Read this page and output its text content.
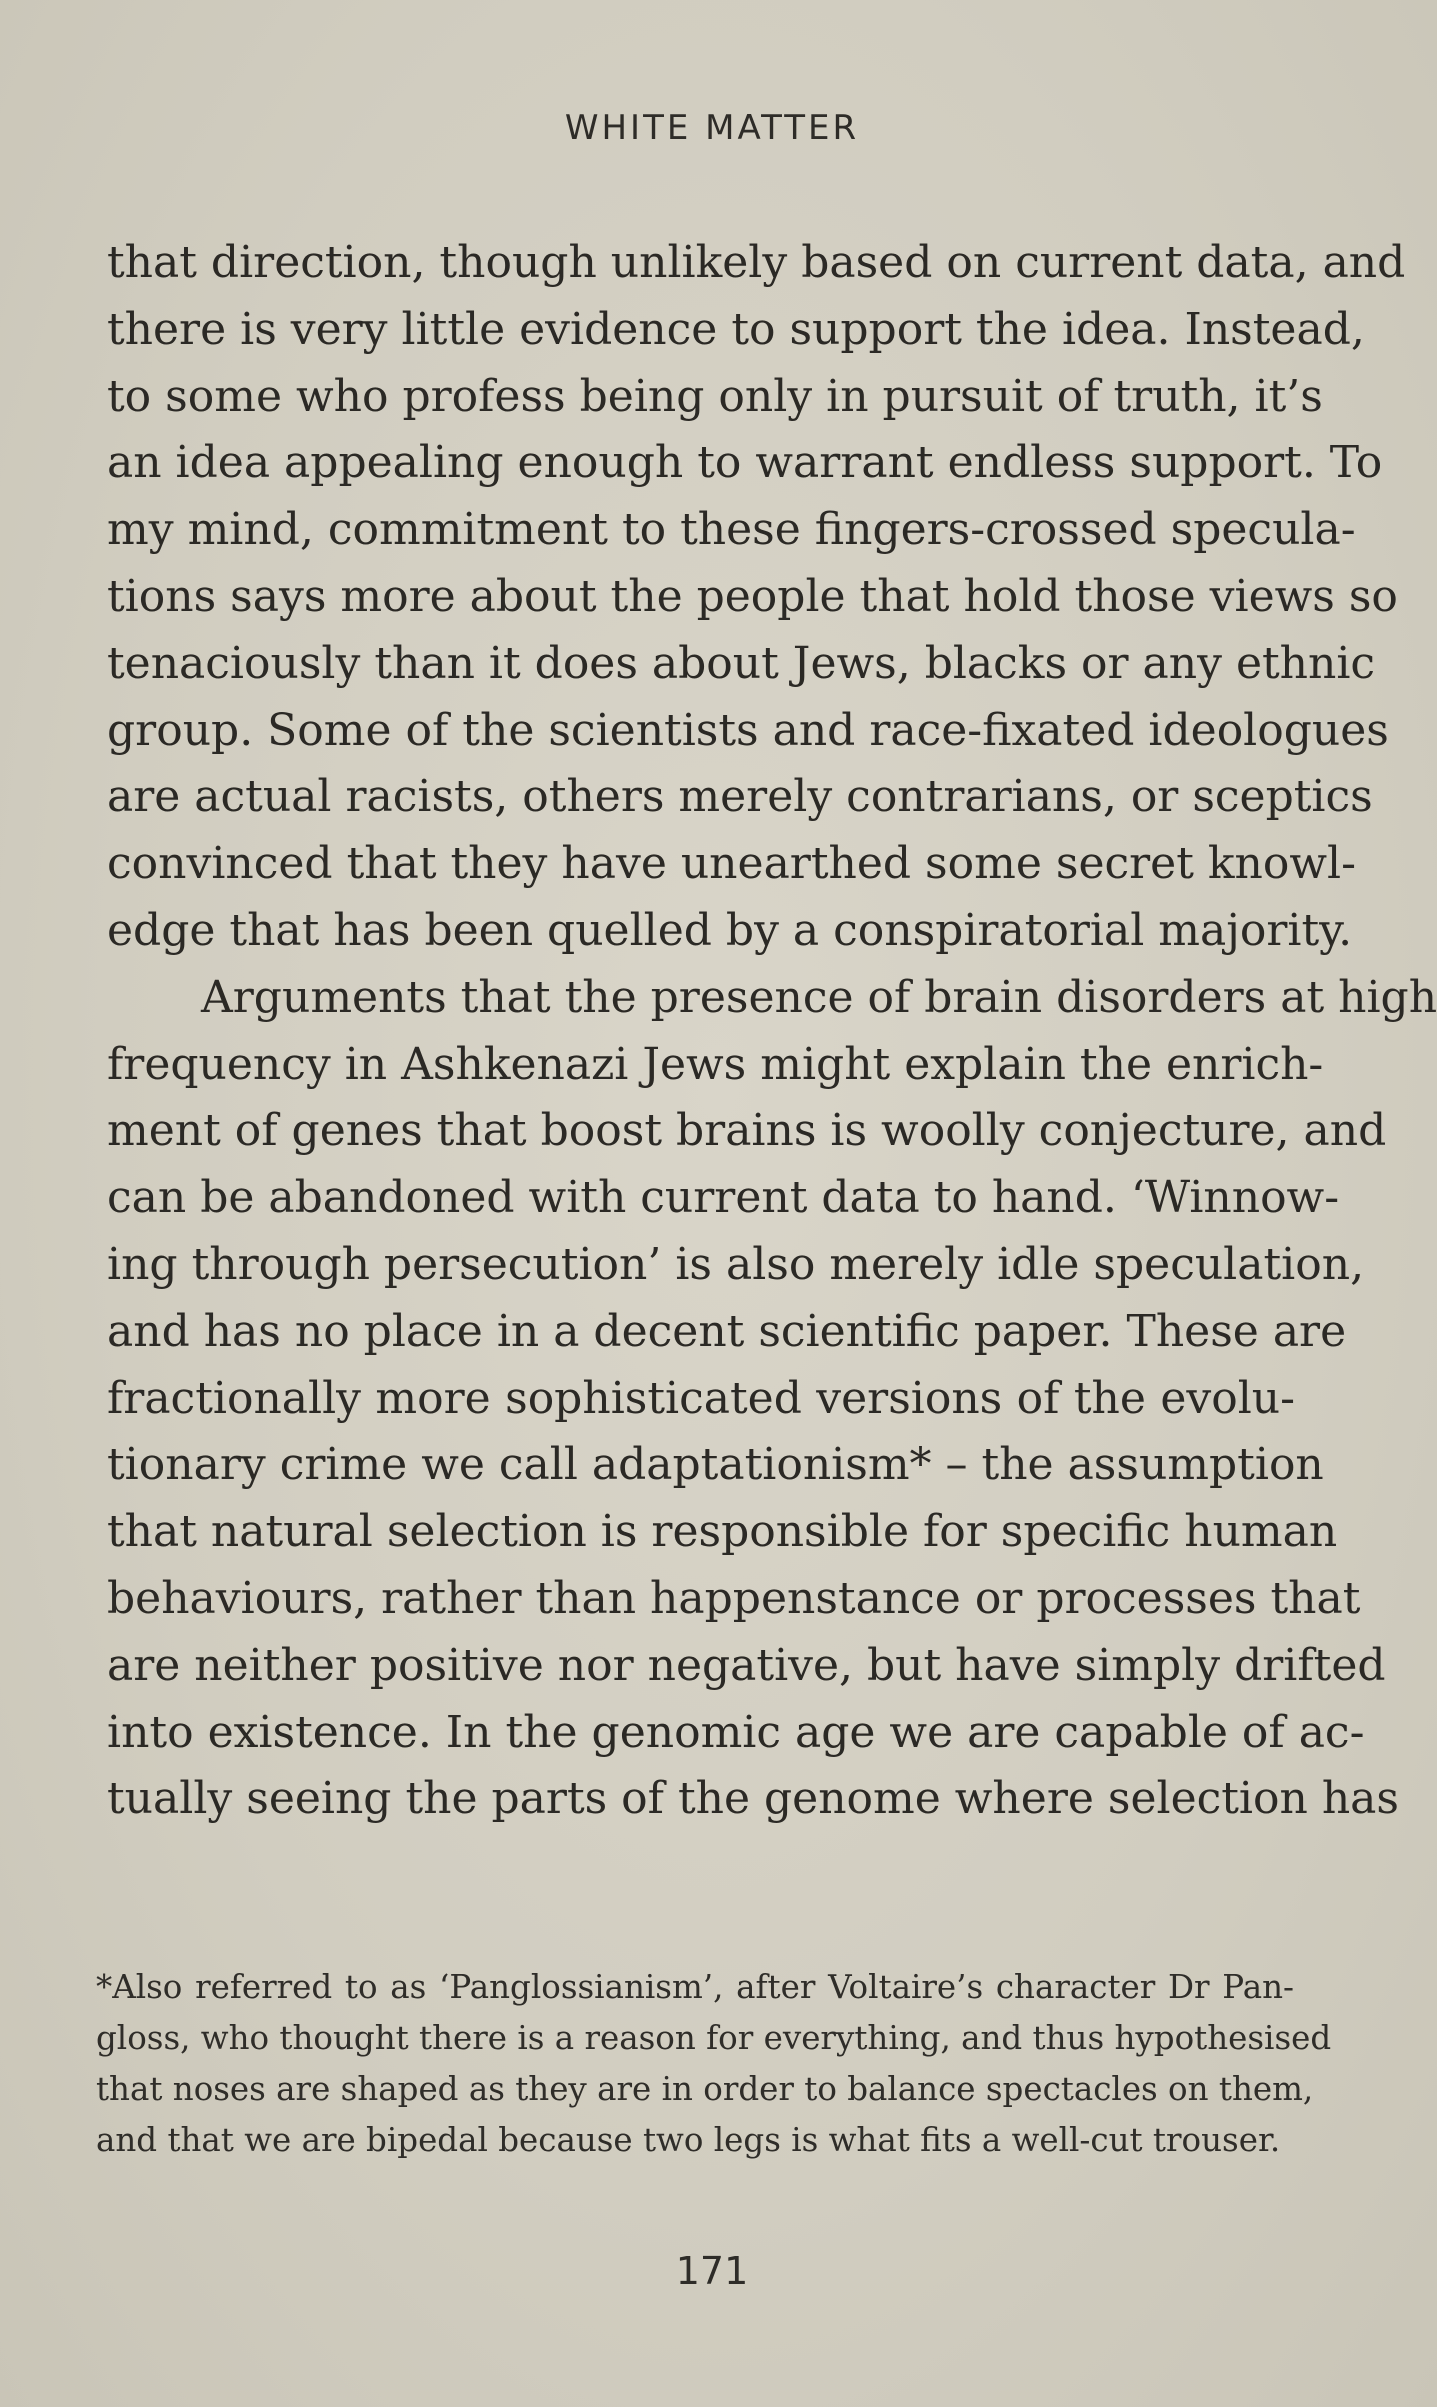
WHITE MATTER
that direction, though unlikely based on current data, and
there is very little evidence to support the idea. Instead,
to some who profess being only in pursuit of truth, it’s
an idea appealing enough to warrant endless support. To
my mind, commitment to these fingers-crossed specula-
tions says more about the people that hold those views so
tenaciously than it does about Jews, blacks or any ethnic
group. Some of the scientists and race-fixated ideologues
are actual racists, others merely contrarians, or sceptics
convinced that they have unearthed some secret knowl-
edge that has been quelled by a conspiratorial majority.
Arguments that the presence of brain disorders at high
frequency in Ashkenazi Jews might explain the enrich-
ment of genes that boost brains is woolly conjecture, and
can be abandoned with current data to hand. ‘Winnow-
ing through persecution’ is also merely idle speculation,
and has no place in a decent scientific paper. These are
fractionally more sophisticated versions of the evolu-
tionary crime we call adaptationism* – the assumption
that natural selection is responsible for specific human
behaviours, rather than happenstance or processes that
are neither positive nor negative, but have simply drifted
into existence. In the genomic age we are capable of ac-
tually seeing the parts of the genome where selection has
*Also referred to as ‘Panglossianism’, after Voltaire’s character Dr Pan-
gloss, who thought there is a reason for everything, and thus hypothesised
that noses are shaped as they are in order to balance spectacles on them,
and that we are bipedal because two legs is what fits a well-cut trouser.
171
